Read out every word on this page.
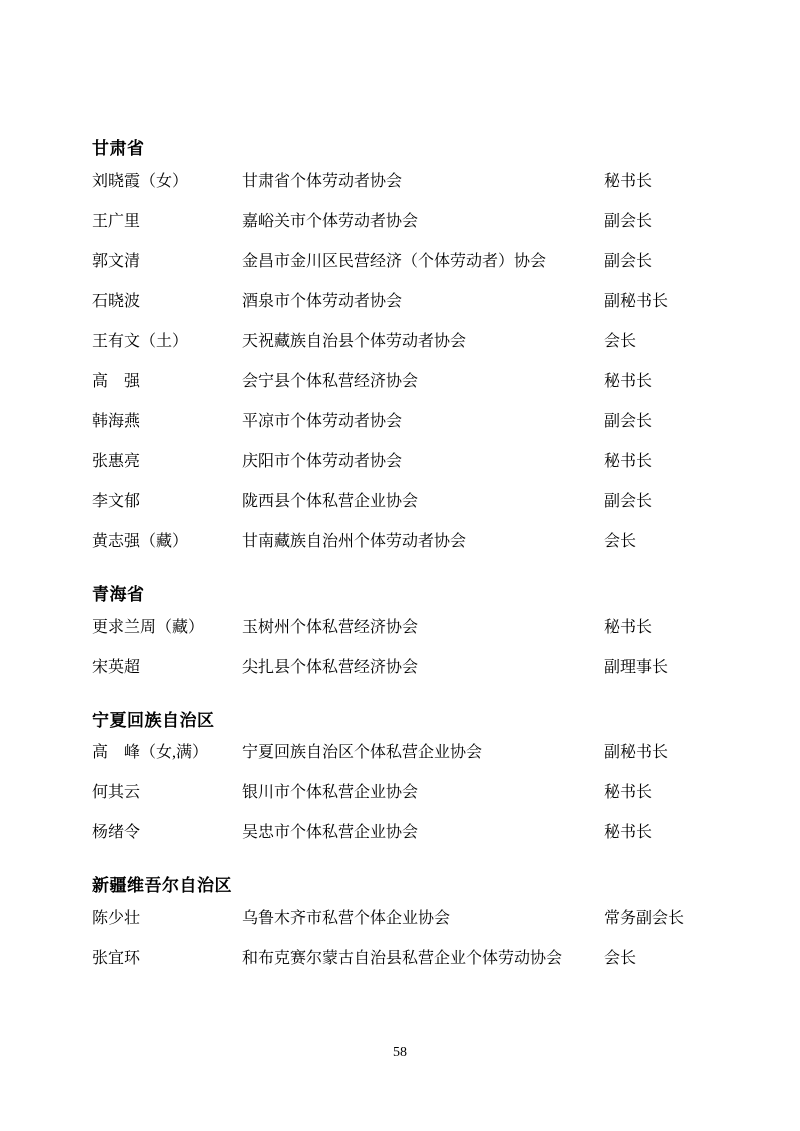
甘肃省
刘晓霞（女）	甘肃省个体劳动者协会	秘书长
王广里	嘉峪关市个体劳动者协会	副会长
郭文清	金昌市金川区民营经济（个体劳动者）协会	副会长
石晓波	酒泉市个体劳动者协会	副秘书长
王有文（土）	天祝藏族自治县个体劳动者协会	会长
高　强	会宁县个体私营经济协会	秘书长
韩海燕	平凉市个体劳动者协会	副会长
张惠亮	庆阳市个体劳动者协会	秘书长
李文郁	陇西县个体私营企业协会	副会长
黄志强（藏）	甘南藏族自治州个体劳动者协会	会长
青海省
更求兰周（藏）	玉树州个体私营经济协会	秘书长
宋英超	尖扎县个体私营经济协会	副理事长
宁夏回族自治区
高　峰（女,满）	宁夏回族自治区个体私营企业协会	副秘书长
何其云	银川市个体私营企业协会	秘书长
杨绪令	吴忠市个体私营企业协会	秘书长
新疆维吾尔自治区
陈少壮	乌鲁木齐市私营个体企业协会	常务副会长
张宜环	和布克赛尔蒙古自治县私营企业个体劳动协会	会长
58
